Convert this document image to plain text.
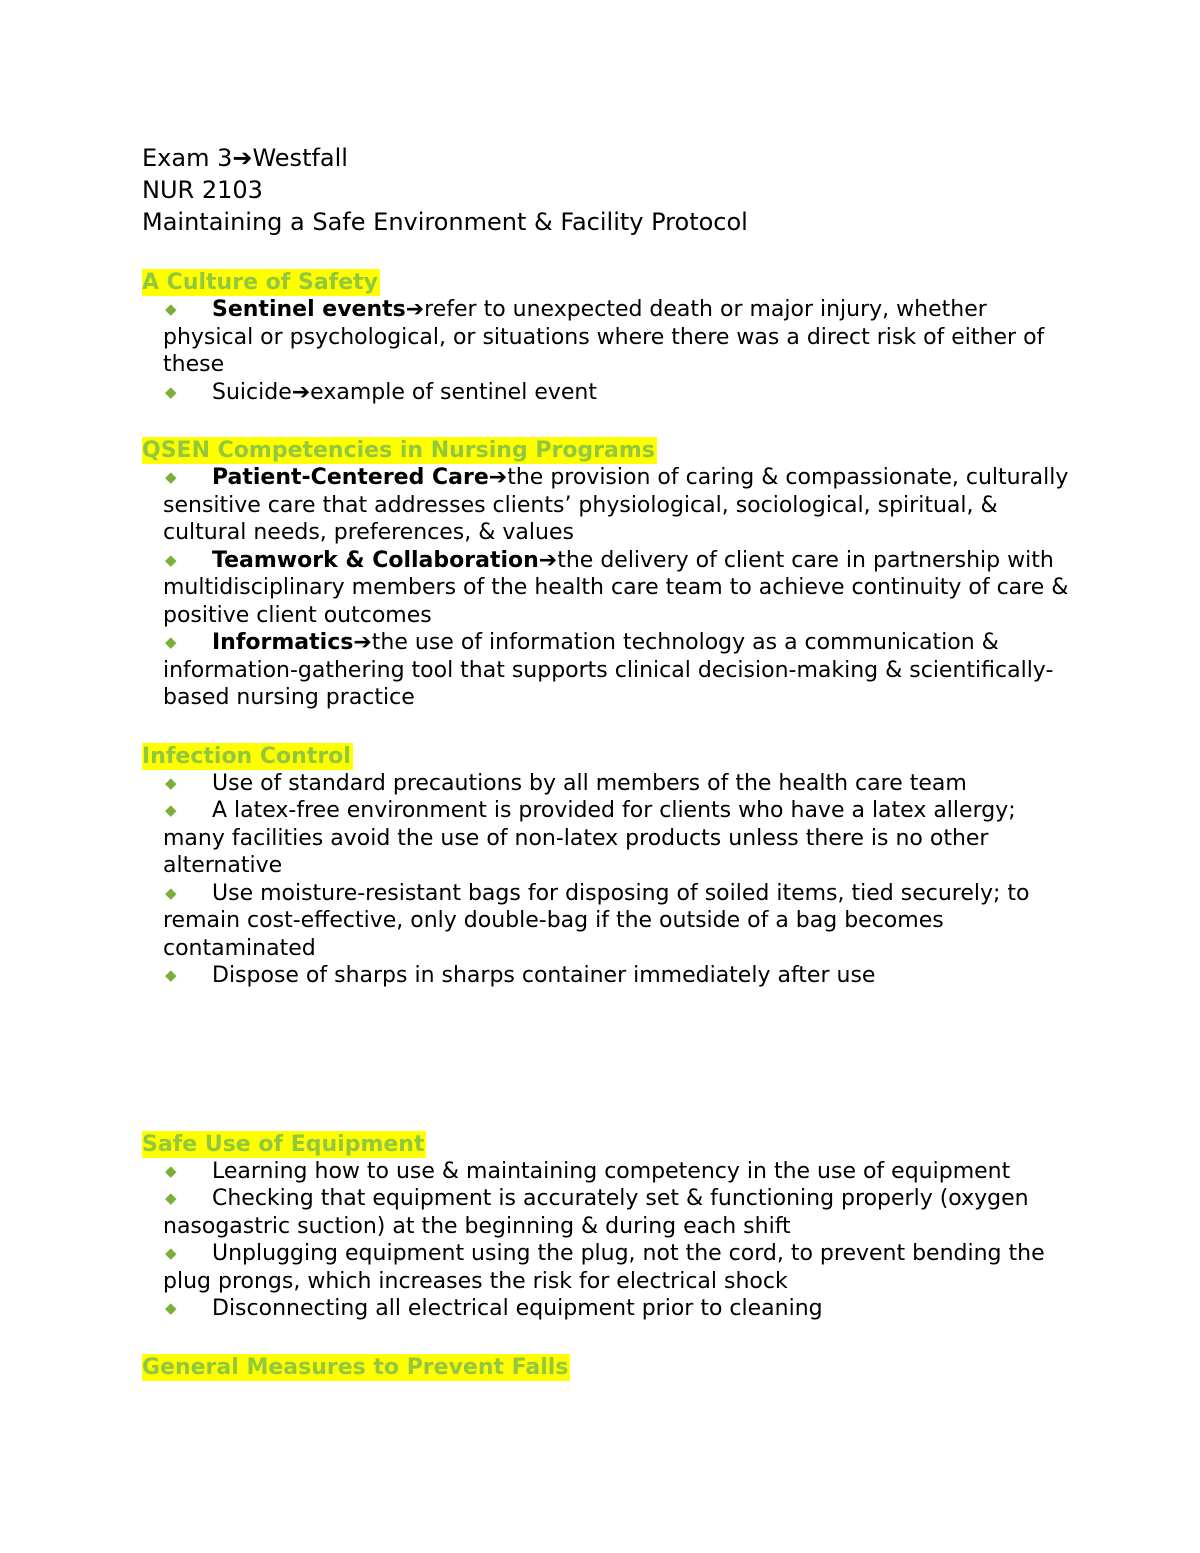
Exam 3➔Westfall
NUR 2103
Maintaining a Safe Environment & Facility Protocol
A Culture of Safety
◆ Sentinel events➔refer to unexpected death or major injury, whether physical or psychological, or situations where there was a direct risk of either of these
◆ Suicide➔example of sentinel event
QSEN Competencies in Nursing Programs
◆ Patient-Centered Care➔the provision of caring & compassionate, culturally sensitive care that addresses clients’ physiological, sociological, spiritual, & cultural needs, preferences, & values
◆ Teamwork & Collaboration➔the delivery of client care in partnership with multidisciplinary members of the health care team to achieve continuity of care & positive client outcomes
◆ Informatics➔the use of information technology as a communication & information-gathering tool that supports clinical decision-making & scientifically-based nursing practice
Infection Control
◆ Use of standard precautions by all members of the health care team
◆ A latex-free environment is provided for clients who have a latex allergy; many facilities avoid the use of non-latex products unless there is no other alternative
◆ Use moisture-resistant bags for disposing of soiled items, tied securely; to remain cost-effective, only double-bag if the outside of a bag becomes contaminated
◆ Dispose of sharps in sharps container immediately after use
Safe Use of Equipment
◆ Learning how to use & maintaining competency in the use of equipment
◆ Checking that equipment is accurately set & functioning properly (oxygen nasogastric suction) at the beginning & during each shift
◆ Unplugging equipment using the plug, not the cord, to prevent bending the plug prongs, which increases the risk for electrical shock
◆ Disconnecting all electrical equipment prior to cleaning
General Measures to Prevent Falls
